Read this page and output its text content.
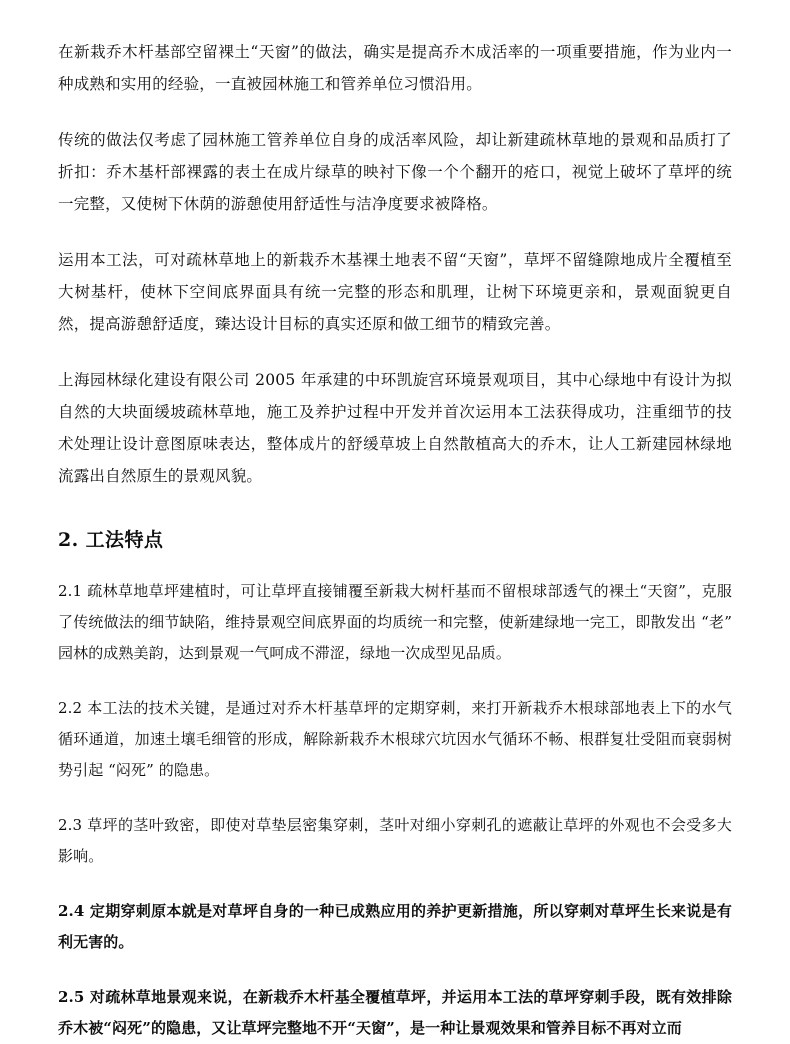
在新栽乔木杆基部空留裸土“天窗”的做法，确实是提高乔木成活率的一项重要措施，作为业内一种成熟和实用的经验，一直被园林施工和管养单位习惯沿用。

传统的做法仅考虑了园林施工管养单位自身的成活率风险，却让新建疏林草地的景观和品质打了折扣：乔木基杆部裸露的表土在成片绿草的映衬下像一个个翻开的疮口，视觉上破坏了草坪的统一完整，又使树下休荫的游憩使用舒适性与洁净度要求被降格。

运用本工法，可对疏林草地上的新栽乔木基裸土地表不留“天窗”，草坪不留缝隙地成片全覆植至大树基杆，使林下空间底界面具有统一完整的形态和肌理，让树下环境更亲和，景观面貌更自然，提高游憩舒适度，臻达设计目标的真实还原和做工细节的精致完善。

上海园林绿化建设有限公司 2005 年承建的中环凯旋宫环境景观项目，其中心绿地中有设计为拟自然的大块面缓坡疏林草地，施工及养护过程中开发并首次运用本工法获得成功，注重细节的技术处理让设计意图原味表达，整体成片的舒缓草坡上自然散植高大的乔木，让人工新建园林绿地流露出自然原生的景观风貌。

2. 工法特点

2.1 疏林草地草坪建植时，可让草坪直接铺覆至新栽大树杆基而不留根球部透气的裸土“天窗”，克服了传统做法的细节缺陷，维持景观空间底界面的均质统一和完整，使新建绿地一完工，即散发出 “老” 园林的成熟美韵，达到景观一气呵成不滞涩，绿地一次成型见品质。

2.2 本工法的技术关键，是通过对乔木杆基草坪的定期穿刺，来打开新栽乔木根球部地表上下的水气循环通道，加速土壤毛细管的形成，解除新栽乔木根球穴坑因水气循环不畅、根群复壮受阻而衰弱树势引起 “闷死” 的隐患。

2.3 草坪的茎叶致密，即使对草垫层密集穿刺，茎叶对细小穿刺孔的遮蔽让草坪的外观也不会受多大影响。

2.4 定期穿刺原本就是对草坪自身的一种已成熟应用的养护更新措施，所以穿刺对草坪生长来说是有利无害的。

2.5 对疏林草地景观来说，在新栽乔木杆基全覆植草坪，并运用本工法的草坪穿刺手段，既有效排除乔木被“闷死”的隐患，又让草坪完整地不开“天窗”，是一种让景观效果和管养目标不再对立而
